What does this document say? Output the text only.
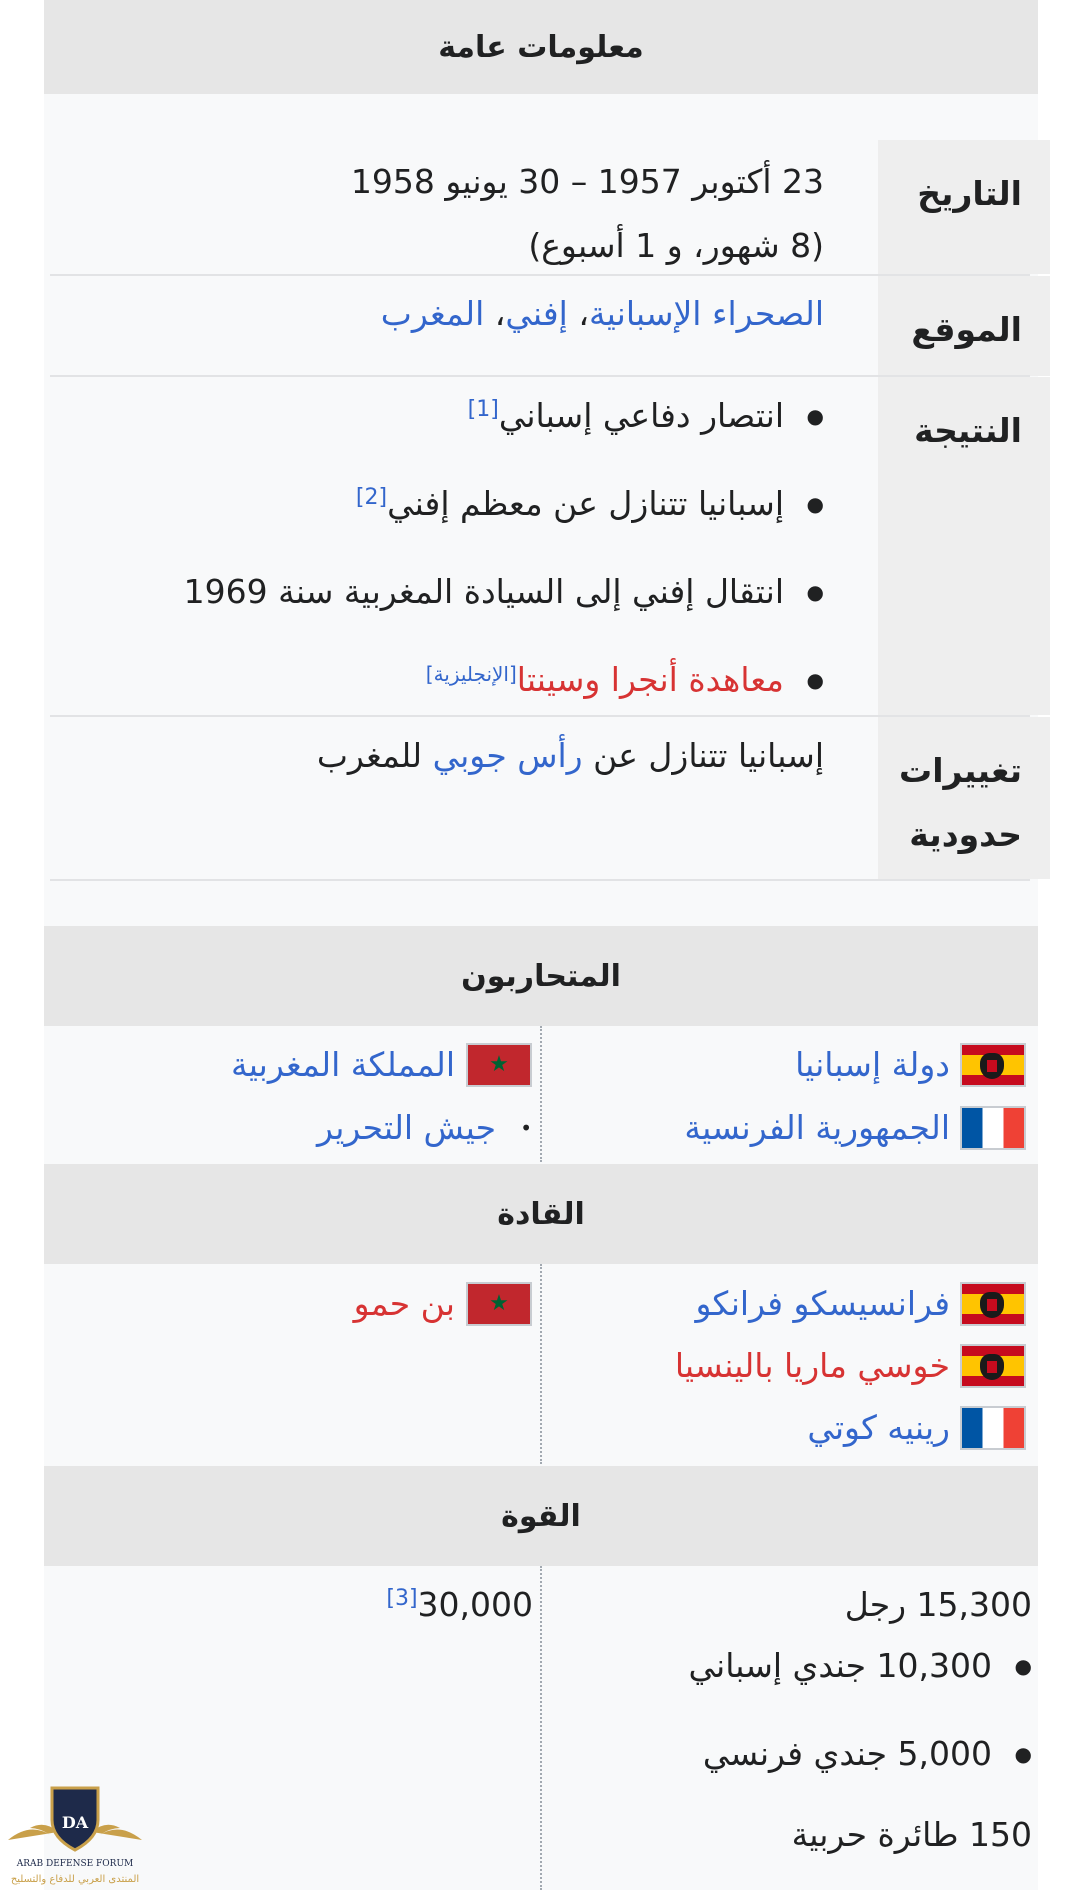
معلومات عامة
التاريخ
23 أكتوبر 1957 – 30 يونيو 1958
(8 شهور، و 1 أسبوع)
الموقع
الصحراء الإسبانية، إفني، المغرب
النتيجة
●انتصار دفاعي إسباني[1]
●إسبانيا تتنازل عن معظم إفني[2]
●انتقال إفني إلى السيادة المغربية سنة 1969
●معاهدة أنجرا وسينتا[الإنجليزية]
تغييرات
حدودية
إسبانيا تتنازل عن رأس جوبي للمغرب
المتحاربون
دولة إسبانيا
الجمهورية الفرنسية
★
المملكة المغربية
•جيش التحرير
القادة
فرانسيسكو فرانكو
خوسي ماريا بالينسيا
رينيه كوتي
★
بن حمو
القوة
15,300 رجل
●10,300 جندي إسباني
●5,000 جندي فرنسي
150 طائرة حربية
30,000[3]
DA
ARAB DEFENSE FORUM
المنتدى العربي للدفاع والتسليح
